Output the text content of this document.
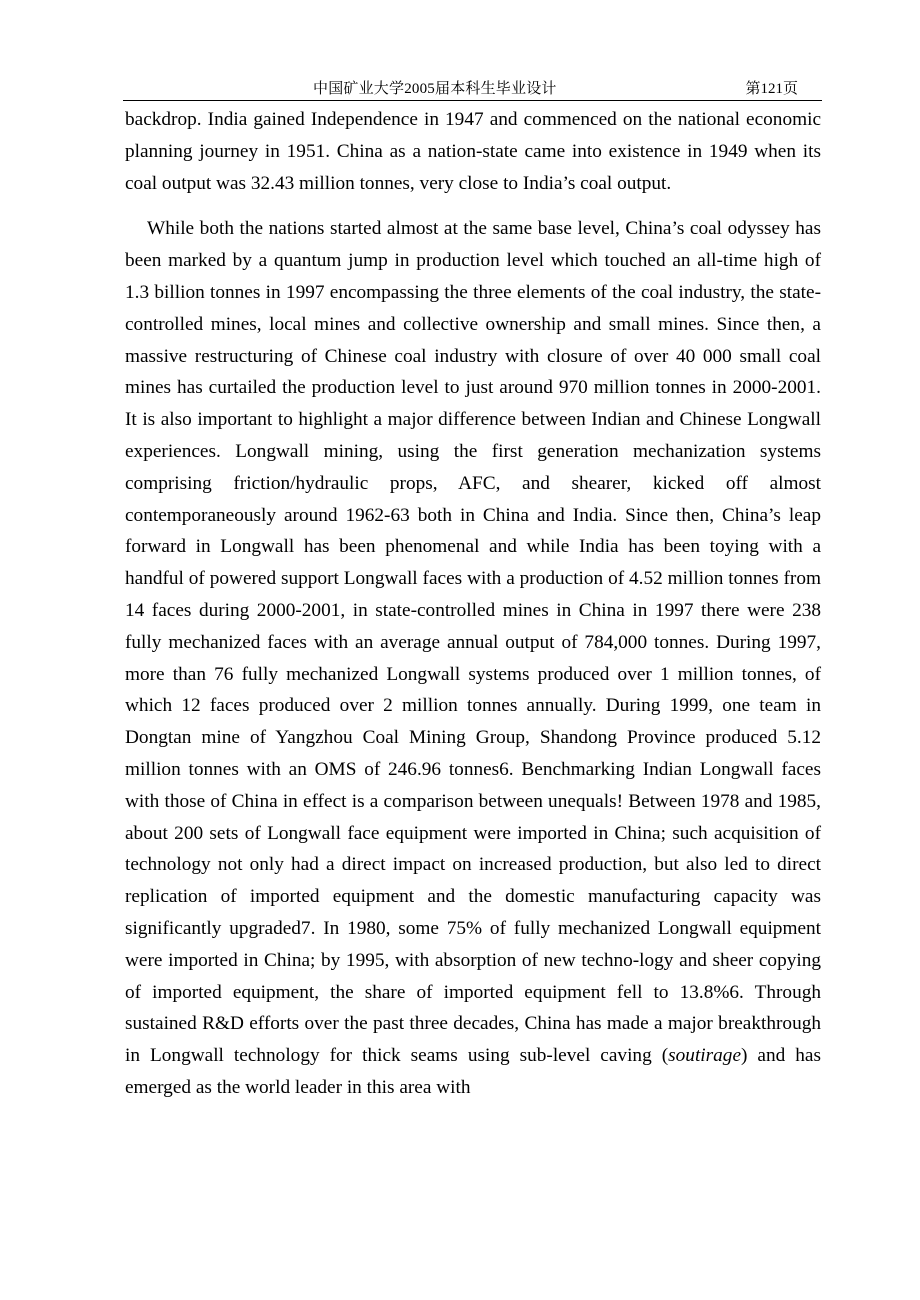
中国矿业大学2005届本科生毕业设计	第121页

backdrop. India gained Independence in 1947 and commenced on the national economic planning journey in 1951. China as a nation-state came into existence in 1949 when its coal output was 32.43 million tonnes, very close to India’s coal output.

While both the nations started almost at the same base level, China’s coal odyssey has been marked by a quantum jump in production level which touched an all-time high of 1.3 billion tonnes in 1997 encompassing the three elements of the coal industry, the state-controlled mines, local mines and collective ownership and small mines. Since then, a massive restructuring of Chinese coal industry with closure of over 40 000 small coal mines has curtailed the production level to just around 970 million tonnes in 2000-2001. It is also important to highlight a major difference between Indian and Chinese Longwall experiences. Longwall mining, using the first generation mechanization systems comprising friction/hydraulic props, AFC, and shearer, kicked off almost contemporaneously around 1962-63 both in China and India. Since then, China’s leap forward in Longwall has been phenomenal and while India has been toying with a handful of powered support Longwall faces with a production of 4.52 million tonnes from 14 faces during 2000-2001, in state-controlled mines in China in 1997 there were 238 fully mechanized faces with an average annual output of 784,000 tonnes. During 1997, more than 76 fully mechanized Longwall systems produced over 1 million tonnes, of which 12 faces produced over 2 million tonnes annually. During 1999, one team in Dongtan mine of Yangzhou Coal Mining Group, Shandong Province produced 5.12 million tonnes with an OMS of 246.96 tonnes6. Benchmarking Indian Longwall faces with those of China in effect is a comparison between unequals! Between 1978 and 1985, about 200 sets of Longwall face equipment were imported in China; such acquisition of technology not only had a direct impact on increased production, but also led to direct replication of imported equipment and the domestic manufacturing capacity was significantly upgraded7. In 1980, some 75% of fully mechanized Longwall equipment were imported in China; by 1995, with absorption of new techno-logy and sheer copying of imported equipment, the share of imported equipment fell to 13.8%6. Through sustained R&D efforts over the past three decades, China has made a major breakthrough in Longwall technology for thick seams using sub-level caving (soutirage) and has emerged as the world leader in this area with
